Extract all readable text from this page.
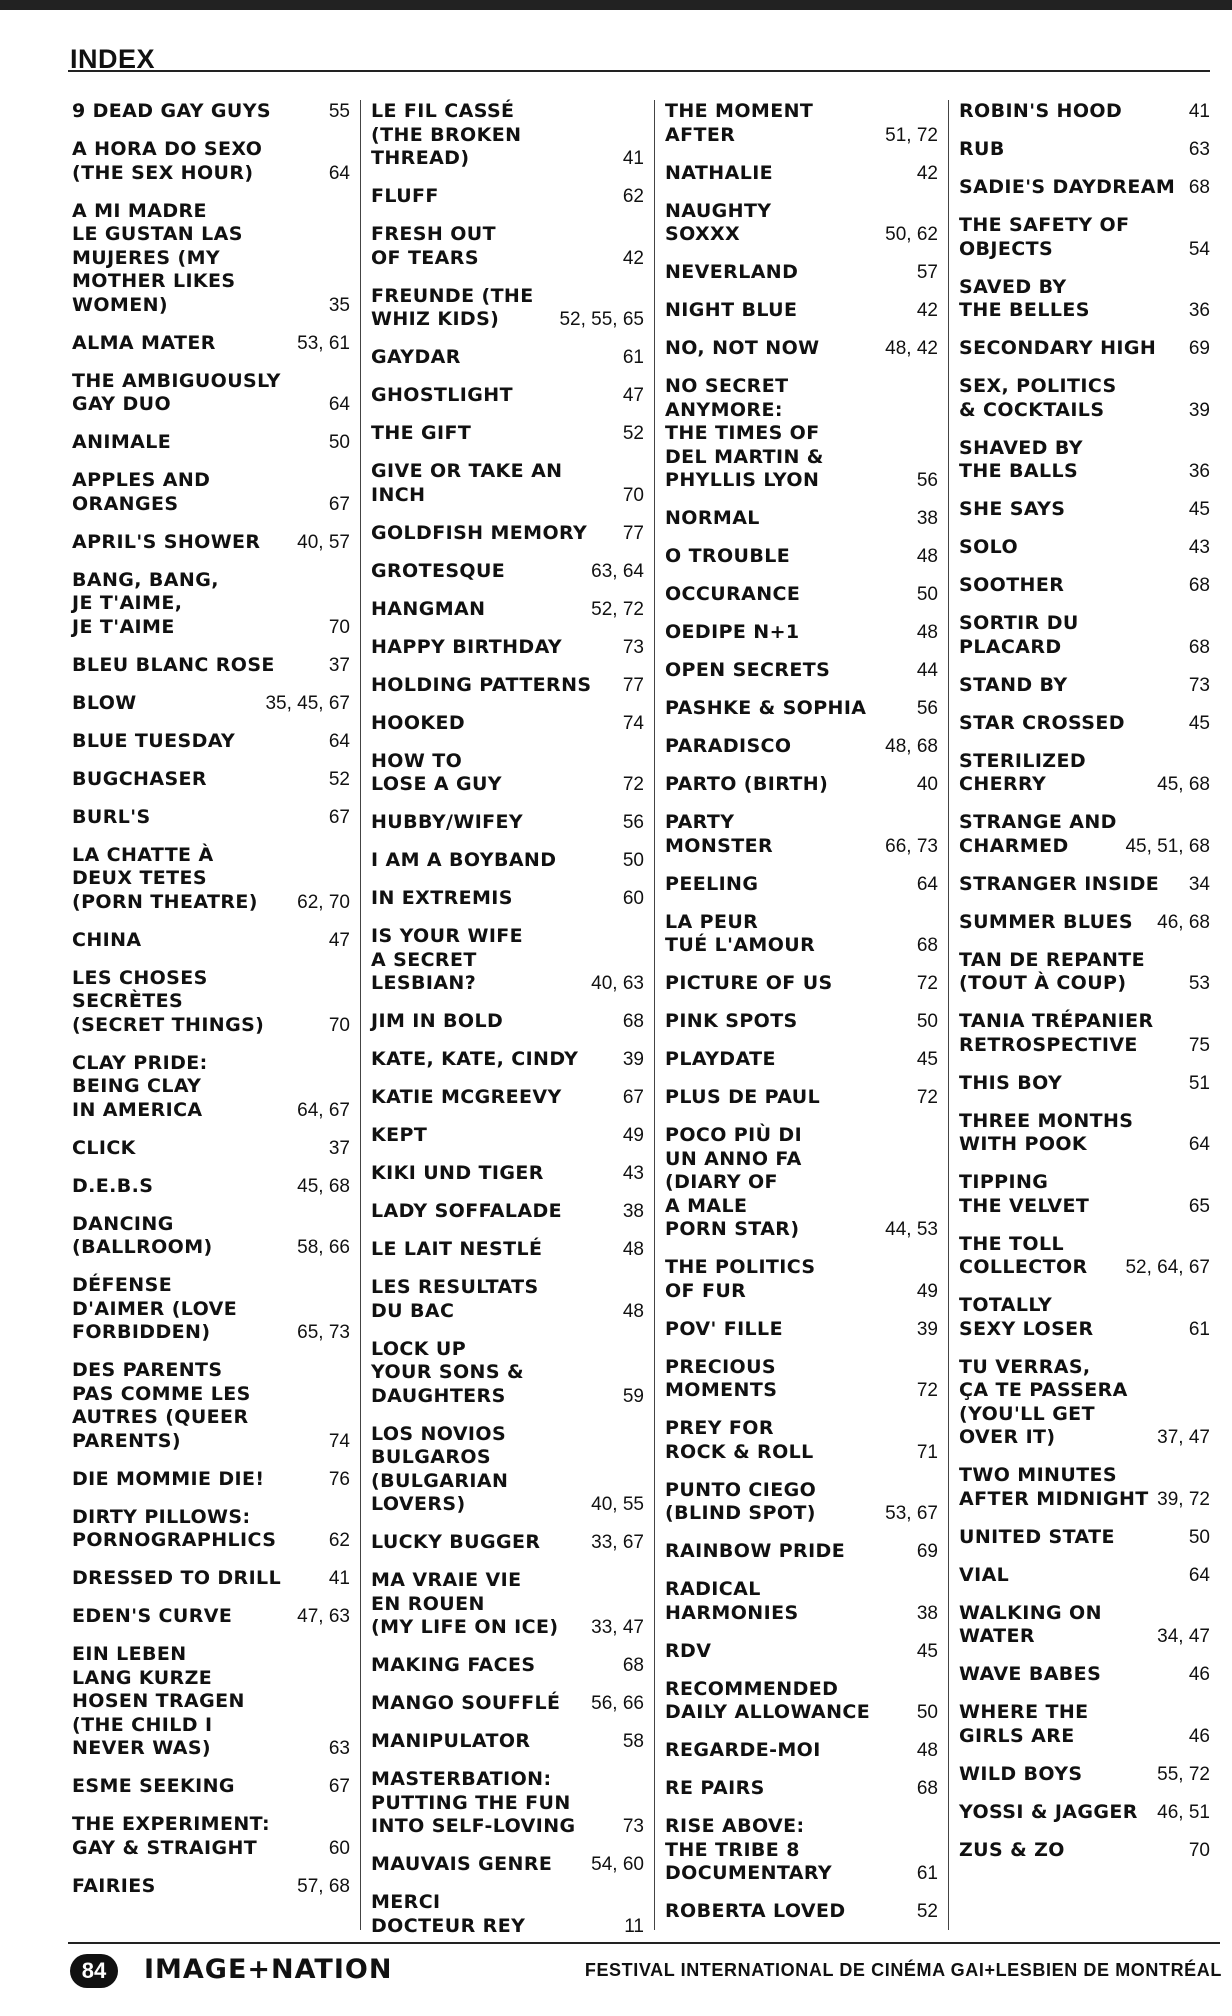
INDEX
9 DEAD GAY GUYS	55
A HORA DO SEXO
(THE SEX HOUR)	64
A MI MADRE
LE GUSTAN LAS
MUJERES (MY
MOTHER LIKES
WOMEN)	35
ALMA MATER	53, 61
THE AMBIGUOUSLY
GAY DUO	64
ANIMALE	50
APPLES AND
ORANGES	67
APRIL'S SHOWER	40, 57
BANG, BANG,
JE T'AIME,
JE T'AIME	70
BLEU BLANC ROSE	37
BLOW	35, 45, 67
BLUE TUESDAY	64
BUGCHASER	52
BURL'S	67
LA CHATTE À
DEUX TETES
(PORN THEATRE)	62, 70
CHINA	47
LES CHOSES
SECRÈTES
(SECRET THINGS)	70
CLAY PRIDE:
BEING CLAY
IN AMERICA	64, 67
CLICK	37
D.E.B.S	45, 68
DANCING
(BALLROOM)	58, 66
DÉFENSE
D'AIMER (LOVE
FORBIDDEN)	65, 73
DES PARENTS
PAS COMME LES
AUTRES (QUEER
PARENTS)	74
DIE MOMMIE DIE!	76
DIRTY PILLOWS:
PORNOGRAPHLICS	62
DRESSED TO DRILL	41
EDEN'S CURVE	47, 63
EIN LEBEN
LANG KURZE
HOSEN TRAGEN
(THE CHILD I
NEVER WAS)	63
ESME SEEKING	67
THE EXPERIMENT:
GAY & STRAIGHT	60
FAIRIES	57, 68
LE FIL CASSÉ
(THE BROKEN
THREAD)	41
FLUFF	62
FRESH OUT
OF TEARS	42
FREUNDE (THE
WHIZ KIDS)	52, 55, 65
GAYDAR	61
GHOSTLIGHT	47
THE GIFT	52
GIVE OR TAKE AN
INCH	70
GOLDFISH MEMORY	77
GROTESQUE	63, 64
HANGMAN	52, 72
HAPPY BIRTHDAY	73
HOLDING PATTERNS	77
HOOKED	74
HOW TO
LOSE A GUY	72
HUBBY/WIFEY	56
I AM A BOYBAND	50
IN EXTREMIS	60
IS YOUR WIFE
A SECRET
LESBIAN?	40, 63
JIM IN BOLD	68
KATE, KATE, CINDY	39
KATIE MCGREEVY	67
KEPT	49
KIKI UND TIGER	43
LADY SOFFALADE	38
LE LAIT NESTLÉ	48
LES RESULTATS
DU BAC	48
LOCK UP
YOUR SONS &
DAUGHTERS	59
LOS NOVIOS
BULGAROS
(BULGARIAN
LOVERS)	40, 55
LUCKY BUGGER	33, 67
MA VRAIE VIE
EN ROUEN
(MY LIFE ON ICE)	33, 47
MAKING FACES	68
MANGO SOUFFLÉ	56, 66
MANIPULATOR	58
MASTERBATION:
PUTTING THE FUN
INTO SELF-LOVING	73
MAUVAIS GENRE	54, 60
MERCI
DOCTEUR REY	11
THE MOMENT
AFTER	51, 72
NATHALIE	42
NAUGHTY
SOXXX	50, 62
NEVERLAND	57
NIGHT BLUE	42
NO, NOT NOW	48, 42
NO SECRET
ANYMORE:
THE TIMES OF
DEL MARTIN &
PHYLLIS LYON	56
NORMAL	38
O TROUBLE	48
OCCURANCE	50
OEDIPE N+1	48
OPEN SECRETS	44
PASHKE & SOPHIA	56
PARADISCO	48, 68
PARTO (BIRTH)	40
PARTY
MONSTER	66, 73
PEELING	64
LA PEUR
TUÉ L'AMOUR	68
PICTURE OF US	72
PINK SPOTS	50
PLAYDATE	45
PLUS DE PAUL	72
POCO PIÙ DI
UN ANNO FA
(DIARY OF
A MALE
PORN STAR)	44, 53
THE POLITICS
OF FUR	49
POV' FILLE	39
PRECIOUS
MOMENTS	72
PREY FOR
ROCK & ROLL	71
PUNTO CIEGO
(BLIND SPOT)	53, 67
RAINBOW PRIDE	69
RADICAL
HARMONIES	38
RDV	45
RECOMMENDED
DAILY ALLOWANCE	50
REGARDE-MOI	48
RE PAIRS	68
RISE ABOVE:
THE TRIBE 8
DOCUMENTARY	61
ROBERTA LOVED	52
ROBIN'S HOOD	41
RUB	63
SADIE'S DAYDREAM 68
THE SAFETY OF
OBJECTS	54
SAVED BY
THE BELLES	36
SECONDARY HIGH	69
SEX, POLITICS
& COCKTAILS	39
SHAVED BY
THE BALLS	36
SHE SAYS	45
SOLO	43
SOOTHER	68
SORTIR DU
PLACARD	68
STAND BY	73
STAR CROSSED	45
STERILIZED
CHERRY	45, 68
STRANGE AND
CHARMED	45, 51, 68
STRANGER INSIDE	34
SUMMER BLUES	46, 68
TAN DE REPANTE
(TOUT À COUP)	53
TANIA TRÉPANIER
RETROSPECTIVE	75
THIS BOY	51
THREE MONTHS
WITH POOK	64
TIPPING
THE VELVET	65
THE TOLL
COLLECTOR	52, 64, 67
TOTALLY
SEXY LOSER	61
TU VERRAS,
ÇA TE PASSERA
(YOU'LL GET
OVER IT)	37, 47
TWO MINUTES
AFTER MIDNIGHT 39, 72
UNITED STATE	50
VIAL	64
WALKING ON
WATER	34, 47
WAVE BABES	46
WHERE THE
GIRLS ARE	46
WILD BOYS	55, 72
YOSSI & JAGGER	46, 51
ZUS & ZO	70
84	IMAGE+NATION	FESTIVAL INTERNATIONAL DE CINÉMA GAI+LESBIEN DE MONTRÉAL
